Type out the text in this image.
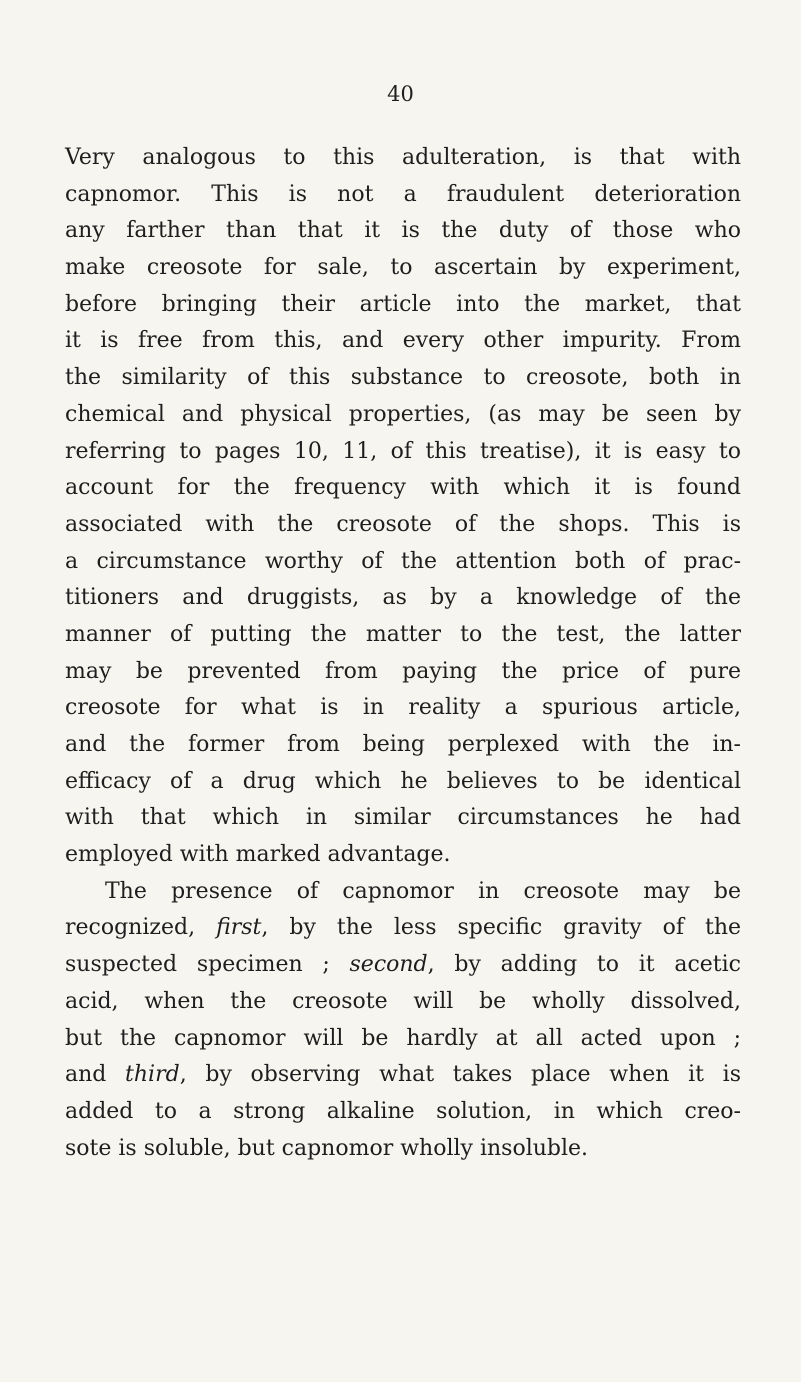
40
Very analogous to this adulteration, is that with
capnomor. This is not a fraudulent deterioration
any farther than that it is the duty of those who
make creosote for sale, to ascertain by experiment,
before bringing their article into the market, that
it is free from this, and every other impurity. From
the similarity of this substance to creosote, both in
chemical and physical properties, (as may be seen by
referring to pages 10, 11, of this treatise), it is easy to
account for the frequency with which it is found
associated with the creosote of the shops. This is
a circumstance worthy of the attention both of prac-
titioners and druggists, as by a knowledge of the
manner of putting the matter to the test, the latter
may be prevented from paying the price of pure
creosote for what is in reality a spurious article,
and the former from being perplexed with the in-
efficacy of a drug which he believes to be identical
with that which in similar circumstances he had
employed with marked advantage.
The presence of capnomor in creosote may be
recognized, first, by the less specific gravity of the
suspected specimen ; second, by adding to it acetic
acid, when the creosote will be wholly dissolved,
but the capnomor will be hardly at all acted upon ;
and third, by observing what takes place when it is
added to a strong alkaline solution, in which creo-
sote is soluble, but capnomor wholly insoluble.
